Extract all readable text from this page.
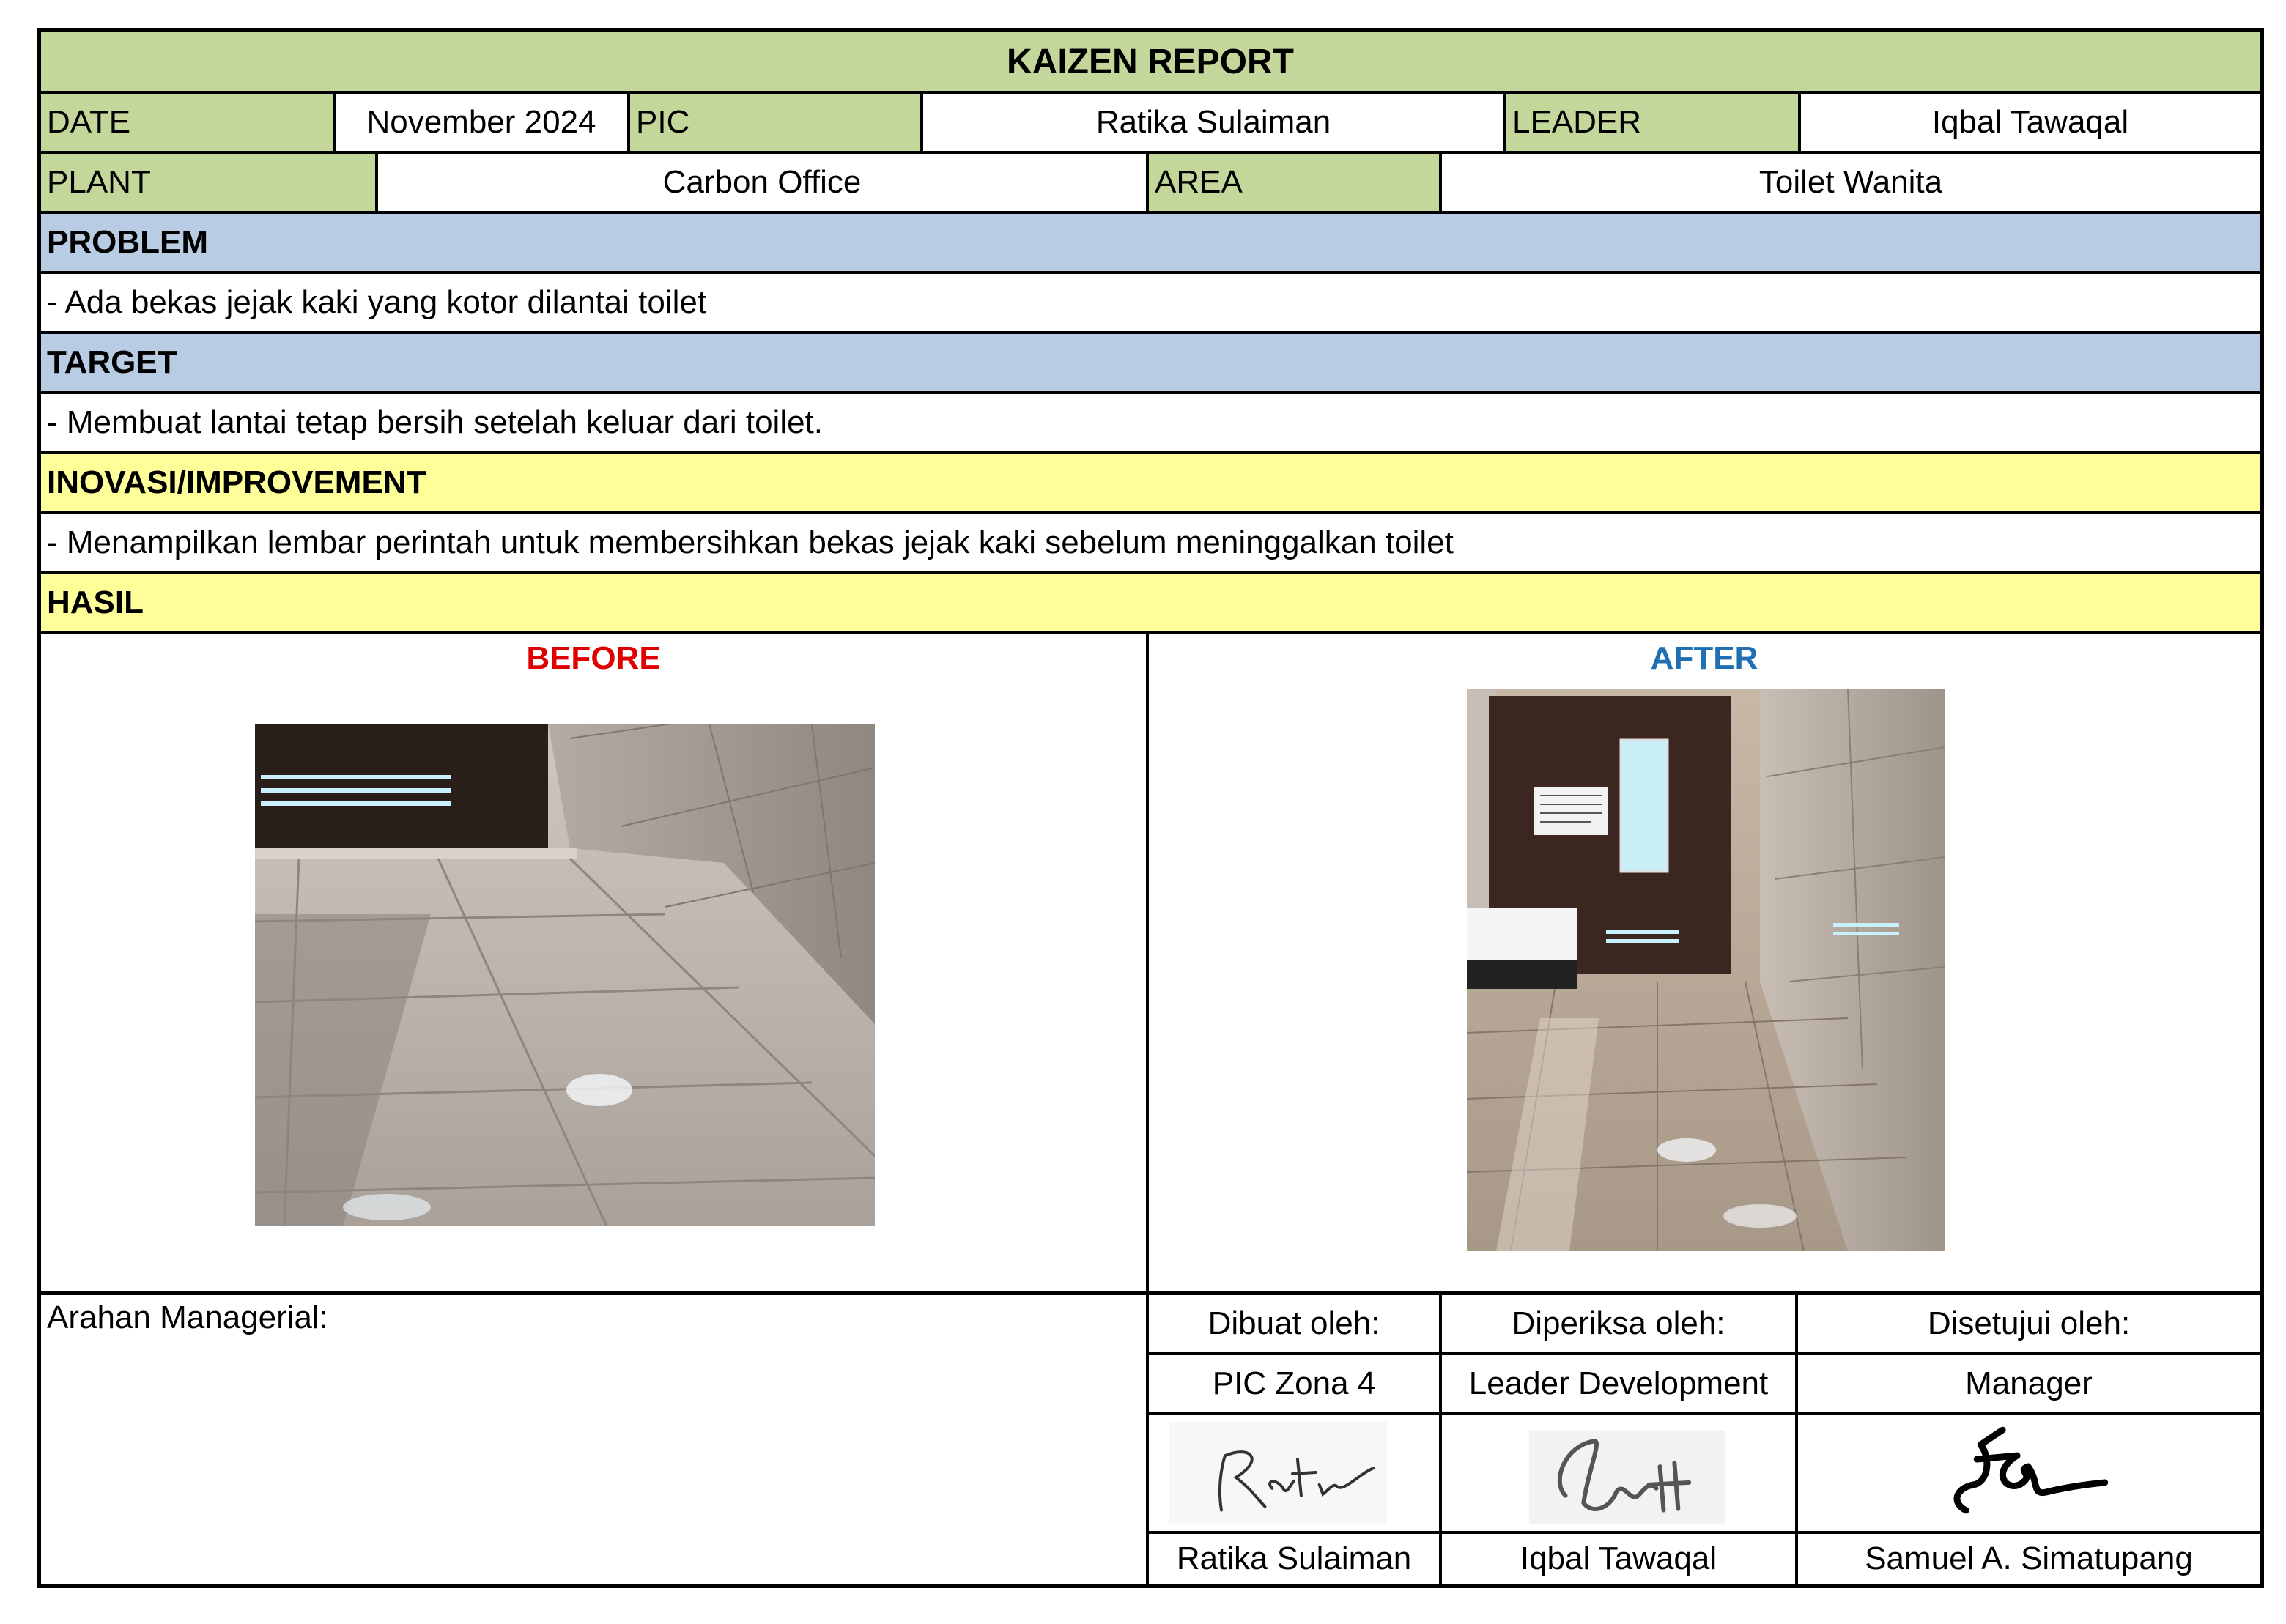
KAIZEN REPORT
DATE	November 2024	PIC	Ratika Sulaiman	LEADER	Iqbal Tawaqal
PLANT	Carbon Office	AREA	Toilet Wanita
PROBLEM
- Ada bekas jejak kaki yang kotor dilantai toilet
TARGET
- Membuat lantai tetap bersih setelah keluar dari toilet.
INOVASI/IMPROVEMENT
- Menampilkan lembar perintah untuk membersihkan bekas jejak kaki sebelum meninggalkan toilet
HASIL
BEFORE	AFTER
Arahan Managerial:	Dibuat oleh:	Diperiksa oleh:	Disetujui oleh:
PIC Zona 4	Leader Development	Manager
Ratika Sulaiman	Iqbal Tawaqal	Samuel A. Simatupang
